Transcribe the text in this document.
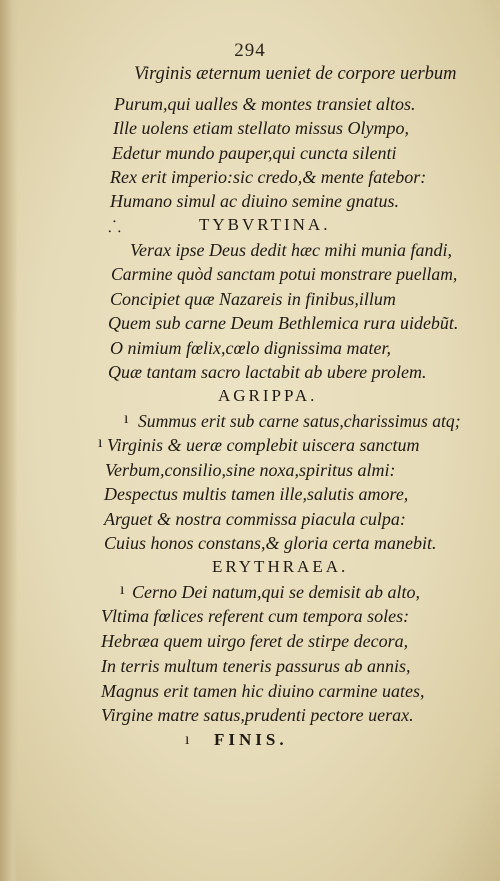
294
Virginis æternum ueniet de corpore uerbum
Purum,qui ualles & montes transiet altos.
Ille uolens etiam stellato missus Olympo,
Edetur mundo pauper,qui cuncta silenti
Rex erit imperio:sic credo,& mente fatebor:
Humano simul ac diuino semine gnatus.
⸫	TYBVRTINA.
Verax ipse Deus dedit hæc mihi munia fandi,
Carmine quòd sanctam potui monstrare puellam,
Concipiet quæ Nazareis in finibus,illum
Quem sub carne Deum Bethlemica rura uidebũt.
O nimium fœlix,cœlo dignissima mater,
Quæ tantam sacro lactabit ab ubere prolem.
AGRIPPA.
ı Summus erit sub carne satus,charissimus atq;
ı Virginis & ueræ complebit uiscera sanctum
Verbum,consilio,sine noxa,spiritus almi:
Despectus multis tamen ille,salutis amore,
Arguet & nostra commissa piacula culpa:
Cuius honos constans,& gloria certa manebit.
ERYTHRAEA.
ı Cerno Dei natum,qui se demisit ab alto,
Vltima fœlices referent cum tempora soles:
Hebræa quem uirgo feret de stirpe decora,
In terris multum teneris passurus ab annis,
Magnus erit tamen hic diuino carmine uates,
Virgine matre satus,prudenti pectore uerax.
ı FINIS.
